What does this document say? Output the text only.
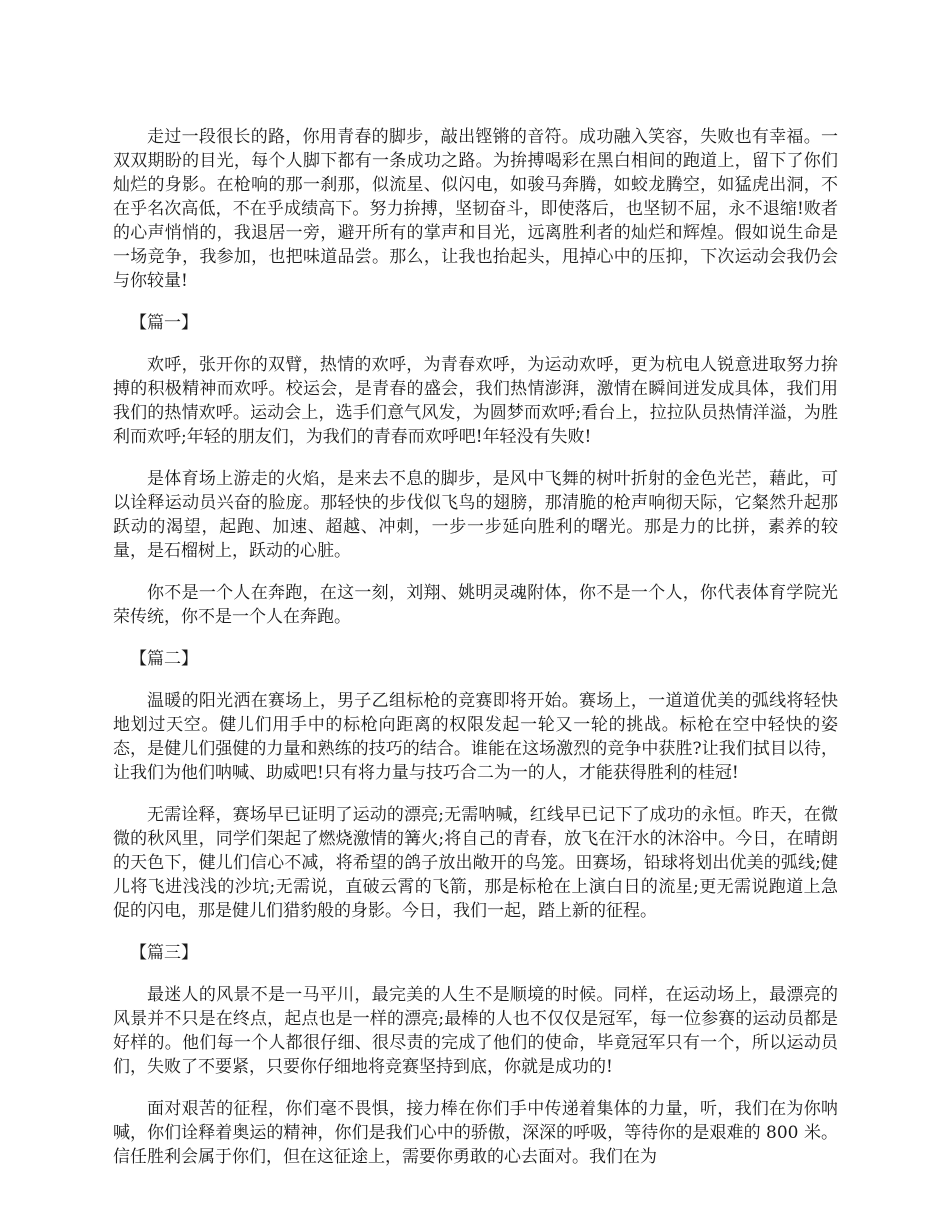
走过一段很长的路，你用青春的脚步，敲出铿锵的音符。成功融入笑容，失败也有幸福。一双双期盼的目光，每个人脚下都有一条成功之路。为拚搏喝彩在黑白相间的跑道上，留下了你们灿烂的身影。在枪响的那一刹那，似流星、似闪电，如骏马奔腾，如蛟龙腾空，如猛虎出洞，不在乎名次高低，不在乎成绩高下。努力拚搏，坚韧奋斗，即使落后，也坚韧不屈，永不退缩!败者的心声悄悄的，我退居一旁，避开所有的掌声和目光，远离胜利者的灿烂和辉煌。假如说生命是一场竞争，我参加，也把味道品尝。那么，让我也抬起头，甩掉心中的压抑，下次运动会我仍会与你较量!

【篇一】

欢呼，张开你的双臂，热情的欢呼，为青春欢呼，为运动欢呼，更为杭电人锐意进取努力拚搏的积极精神而欢呼。校运会，是青春的盛会，我们热情澎湃，激情在瞬间迸发成具体，我们用我们的热情欢呼。运动会上，选手们意气风发，为圆梦而欢呼;看台上，拉拉队员热情洋溢，为胜利而欢呼;年轻的朋友们，为我们的青春而欢呼吧!年轻没有失败!

是体育场上游走的火焰，是来去不息的脚步，是风中飞舞的树叶折射的金色光芒，藉此，可以诠释运动员兴奋的脸庞。那轻快的步伐似飞鸟的翅膀，那清脆的枪声响彻天际，它粲然升起那跃动的渴望，起跑、加速、超越、冲刺，一步一步延向胜利的曙光。那是力的比拼，素养的较量，是石榴树上，跃动的心脏。

你不是一个人在奔跑，在这一刻，刘翔、姚明灵魂附体，你不是一个人，你代表体育学院光荣传统，你不是一个人在奔跑。

【篇二】

温暖的阳光洒在赛场上，男子乙组标枪的竞赛即将开始。赛场上，一道道优美的弧线将轻快地划过天空。健儿们用手中的标枪向距离的权限发起一轮又一轮的挑战。标枪在空中轻快的姿态，是健儿们强健的力量和熟练的技巧的结合。谁能在这场激烈的竞争中获胜?让我们拭目以待，让我们为他们呐喊、助威吧!只有将力量与技巧合二为一的人，才能获得胜利的桂冠!

无需诠释，赛场早已证明了运动的漂亮;无需呐喊，红线早已记下了成功的永恒。昨天，在微微的秋风里，同学们架起了燃烧激情的篝火;将自己的青春，放飞在汗水的沐浴中。今日，在晴朗的天色下，健儿们信心不减，将希望的鸽子放出敞开的鸟笼。田赛场，铅球将划出优美的弧线;健儿将飞进浅浅的沙坑;无需说，直破云霄的飞箭，那是标枪在上演白日的流星;更无需说跑道上急促的闪电，那是健儿们猎豹般的身影。今日，我们一起，踏上新的征程。

【篇三】

最迷人的风景不是一马平川，最完美的人生不是顺境的时候。同样，在运动场上，最漂亮的风景并不只是在终点，起点也是一样的漂亮;最棒的人也不仅仅是冠军，每一位参赛的运动员都是好样的。他们每一个人都很仔细、很尽责的完成了他们的使命，毕竟冠军只有一个，所以运动员们，失败了不要紧，只要你仔细地将竞赛坚持到底，你就是成功的!

面对艰苦的征程，你们毫不畏惧，接力棒在你们手中传递着集体的力量，听，我们在为你呐喊，你们诠释着奥运的精神，你们是我们心中的骄傲，深深的呼吸，等待你的是艰难的 800 米。信任胜利会属于你们，但在这征途上，需要你勇敢的心去面对。我们在为
